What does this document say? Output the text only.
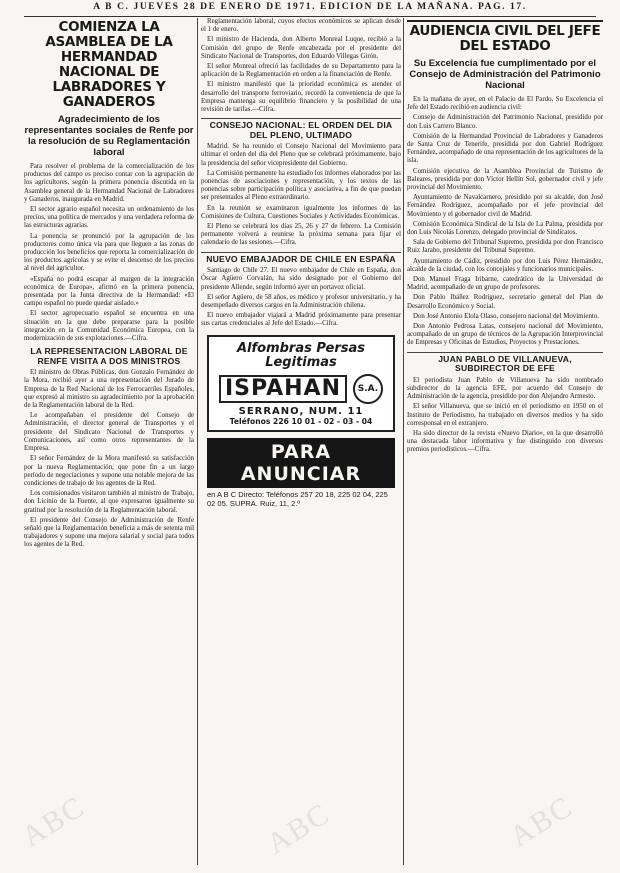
A B C. JUEVES 28 DE ENERO DE 1971. EDICION DE LA MAÑANA. PAG. 17.
COMIENZA LA ASAMBLEA DE LA HERMANDAD NACIONAL DE LABRADORES Y GANADEROS
Agradecimiento de los representantes sociales de Renfe por la resolución de su Reglamentación laboral

Para resolver el problema de la comercialización de los productos del campo es preciso contar con la agrupación de los agricultores, según la primera ponencia discutida en la Asamblea general de la Hermandad Nacional de Labradores y Ganaderos, inaugurada en Madrid.

El sector agrario español necesita un ordenamiento de los precios, una política de mercados y una verdadera reforma de las estructuras agrarias.

La ponencia se pronunció por la agrupación de los productores como única vía para que lleguen a las zonas de producción los beneficios que reporta la comercialización de los productos agrícolas y se evite el descenso de los precios al nivel del agricultor.

«España no podrá escapar al margen de la integración económica de Europa», afirmó en la primera ponencia, presentada por la Junta directiva de la Hermandad: «El campo español no puede quedar aislado.»

El sector agropecuario español se encuentra en una situación en la que debe prepararse para la posible integración en la Comunidad Económica Europea, con la modernización de sus explotaciones.—Cifra.

LA REPRESENTACION LABORAL DE RENFE VISITA A DOS MINISTROS

El ministro de Obras Públicas, don Gonzalo Fernández de la Mora, recibió ayer a una representación del Jurado de Empresa de la Red Nacional de los Ferrocarriles Españoles, que expresó al ministro su agradecimiento por la aprobación de la Reglamentación laboral de la Red.

Le acompañaban el presidente del Consejo de Administración, el director general de Transportes y el presidente del Sindicato Nacional de Transportes y Comunicaciones, así como otros representantes de la Empresa.

El señor Fernández de la Mora manifestó su satisfacción por la nueva Reglamentación, que pone fin a un largo período de negociaciones y supone una notable mejora de las condiciones de trabajo de los agentes de la Red.

Los comisionados visitaron también al ministro de Trabajo, don Licinio de la Fuente, al que expresaron igualmente su gratitud por la resolución de la Reglamentación laboral.

El presidente del Consejo de Administración de Renfe señaló que la Reglamentación beneficia a más de setenta mil trabajadores y supone una mejora salarial y social para todos los agentes de la Red.

Reglamentación laboral, cuyos efectos económicos se aplican desde el 1 de enero.

El ministro de Hacienda, don Alberto Monreal Luque, recibió a la Comisión del grupo de Renfe encabezada por el presidente del Sindicato Nacional de Transportes, don Eduardo Villegas Girón.

El señor Monreal ofreció las facilidades de su Departamento para la aplicación de la Reglamentación en orden a la financiación de Renfe.

El ministro manifestó que la prioridad económica es atender el desarrollo del transporte ferroviario, recordó la conveniencia de que la Empresa mantenga su equilibrio financiero y la posibilidad de una revisión de tarifas.—Cifra.

CONSEJO NACIONAL: EL ORDEN DEL DIA DEL PLENO, ULTIMADO

Madrid. Se ha reunido el Consejo Nacional del Movimiento para ultimar el orden del día del Pleno que se celebrará próximamente, bajo la presidencia del señor vicepresidente del Gobierno.

La Comisión permanente ha estudiado los informes elaborados por las ponencias de asociaciones y representación, y los textos de las ponencias sobre participación política y asociativa, a fin de que puedan ser presentados al Pleno extraordinario.

En la reunión se examinaron igualmente los informes de las Comisiones de Cultura, Cuestiones Sociales y Actividades Económicas.

El Pleno se celebrará los días 25, 26 y 27 de febrero. La Comisión permanente volverá a reunirse la próxima semana para fijar el calendario de las sesiones.—Cifra.

NUEVO EMBAJADOR DE CHILE EN ESPAÑA

Santiago de Chile 27. El nuevo embajador de Chile en España, don Óscar Agüero Corvalán, ha sido designado por el Gobierno del presidente Allende, según informó ayer un portavoz oficial.

El señor Agüero, de 58 años, es médico y profesor universitario, y ha desempeñado diversos cargos en la Administración chilena.

El nuevo embajador viajará a Madrid próximamente para presentar sus cartas credenciales al Jefe del Estado.—Cifra.

Alfombras Persas
Legitimas
ISPAHAN	S.A.
SERRANO, NUM. 11
Teléfonos 226 10 01 - 02 - 03 - 04
PARA ANUNCIAR
en A B C Directo: Teléfonos 257 20 18, 225 02 04, 225 02 05. SUPRA. Ruiz, 11, 2.º
AUDIENCIA CIVIL DEL JEFE DEL ESTADO
Su Excelencia fue cumplimentado por el Consejo de Administración del Patrimonio Nacional

En la mañana de ayer, en el Palacio de El Pardo, Su Excelencia el Jefe del Estado recibió en audiencia civil:

Consejo de Administración del Patrimonio Nacional, presidido por don Luis Carrero Blanco.

Comisión de la Hermandad Provincial de Labradores y Ganaderos de Santa Cruz de Tenerife, presidida por don Gabriel Rodríguez Fernández, acompañado de una representación de los agricultores de la isla.

Comisión ejecutiva de la Asamblea Provincial de Turismo de Baleares, presidida por don Víctor Hellín Sol, gobernador civil y jefe provincial del Movimiento.

Ayuntamiento de Navalcarnero, presidido por su alcalde, don José Fernández Rodríguez, acompañado por el jefe provincial del Movimiento y el gobernador civil de Madrid.

Comisión Económica Sindical de la Isla de La Palma, presidida por don Luis Nicolás Lorenzo, delegado provincial de Sindicatos.

Sala de Gobierno del Tribunal Supremo, presidida por don Francisco Ruiz Jarabo, presidente del Tribunal Supremo.

Ayuntamiento de Cádiz, presidido por don Luis Pérez Hernández, alcalde de la ciudad, con los concejales y funcionarios municipales.

Don Manuel Fraga Iribarne, catedrático de la Universidad de Madrid, acompañado de un grupo de profesores.

Don Pablo Ibáñez Rodríguez, secretario general del Plan de Desarrollo Económico y Social.

Don José Antonio Elola Olaso, consejero nacional del Movimiento.

Don Antonio Pedrosa Latas, consejero nacional del Movimiento, acompañado de un grupo de técnicos de la Agrupación Interprovincial de Empresas y Oficinas de Estudios, Proyectos y Prestaciones.

JUAN PABLO DE VILLANUEVA, SUBDIRECTOR DE EFE

El periodista Juan Pablo de Villanueva ha sido nombrado subdirector de la agencia EFE, por acuerdo del Consejo de Administración de la agencia, presidido por don Alejandro Armesto.

El señor Villanueva, que se inició en el periodismo en 1950 en el Instituto de Periodismo, ha trabajado en diversos medios y ha sido corresponsal en el extranjero.

Ha sido director de la revista «Nuevo Diario», en la que desarrolló una destacada labor informativa y fue distinguido con diversos premios periodísticos.—Cifra.

ABC	ABC	ABC
